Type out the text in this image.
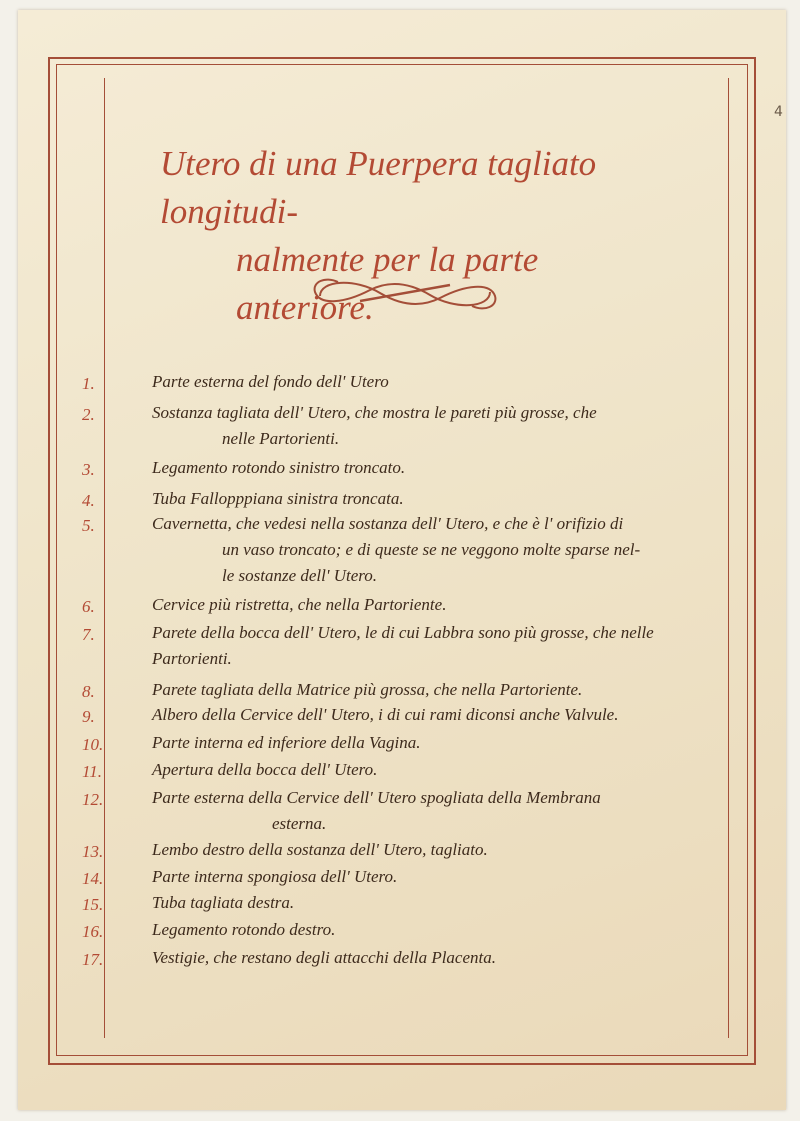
4
Utero di una Puerpera tagliato longitudi-
nalmente per la parte anteriore.
1.	Parte esterna del fondo dell' Utero
2.	Sostanza tagliata dell' Utero, che mostra le pareti più grosse, che
nelle Partorienti.
3.	Legamento rotondo sinistro troncato.
4.	Tuba Fallopppiana sinistra troncata.
5.	Cavernetta, che vedesi nella sostanza dell' Utero, e che è l' orifizio di
un vaso troncato; e di queste se ne veggono molte sparse nel-
le sostanze dell' Utero.
6.	Cervice più ristretta, che nella Partoriente.
7.	Parete della bocca dell' Utero, le di cui Labbra sono più grosse, che nelle
Partorienti.
8.	Parete tagliata della Matrice più grossa, che nella Partoriente.
9.	Albero della Cervice dell' Utero, i di cui rami diconsi anche Valvule.
10.	Parte interna ed inferiore della Vagina.
11.	Apertura della bocca dell' Utero.
12.	Parte esterna della Cervice dell' Utero spogliata della Membrana
esterna.
13.	Lembo destro della sostanza dell' Utero, tagliato.
14.	Parte interna spongiosa dell' Utero.
15.	Tuba tagliata destra.
16.	Legamento rotondo destro.
17.	Vestigie, che restano degli attacchi della Placenta.
